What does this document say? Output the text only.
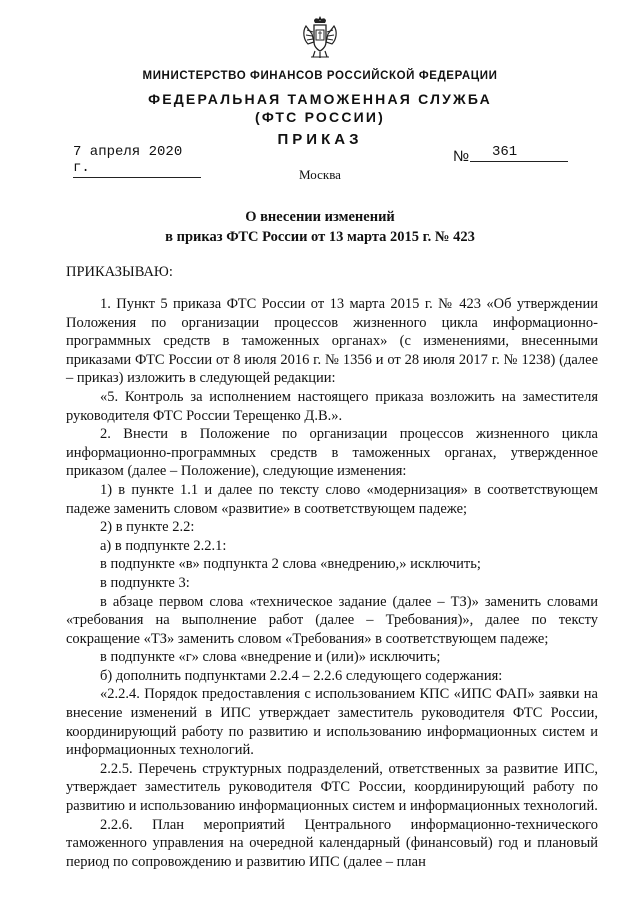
МИНИСТЕРСТВО ФИНАНСОВ РОССИЙСКОЙ ФЕДЕРАЦИИ
ФЕДЕРАЛЬНАЯ ТАМОЖЕННАЯ СЛУЖБА
(ФТС РОССИИ)
ПРИКАЗ
7 апреля 2020 г.
№	361
Москва
О внесении изменений
в приказ ФТС России от 13 марта 2015 г. № 423
ПРИКАЗЫВАЮ:

1. Пункт 5 приказа ФТС России от 13 марта 2015 г. № 423 «Об утверждении Положения по организации процессов жизненного цикла информационно-программных средств в таможенных органах» (с изменениями, внесенными приказами ФТС России от 8 июля 2016 г. № 1356 и от 28 июля 2017 г. № 1238) (далее – приказ) изложить в следующей редакции:

«5. Контроль за исполнением настоящего приказа возложить на заместителя руководителя ФТС России Терещенко Д.В.».

2. Внести в Положение по организации процессов жизненного цикла информационно-программных средств в таможенных органах, утвержденное приказом (далее – Положение), следующие изменения:

1) в пункте 1.1 и далее по тексту слово «модернизация» в соответствующем падеже заменить словом «развитие» в соответствующем падеже;

2) в пункте 2.2:

а) в подпункте 2.2.1:

в подпункте «в» подпункта 2 слова «внедрению,» исключить;

в подпункте 3:

в абзаце первом слова «техническое задание (далее – ТЗ)» заменить словами «требования на выполнение работ (далее – Требования)», далее по тексту сокращение «ТЗ» заменить словом «Требования» в соответствующем падеже;

в подпункте «г» слова «внедрение и (или)» исключить;

б) дополнить подпунктами 2.2.4 – 2.2.6 следующего содержания:

«2.2.4. Порядок предоставления с использованием КПС «ИПС ФАП» заявки на внесение изменений в ИПС утверждает заместитель руководителя ФТС России, координирующий работу по развитию и использованию информационных систем и информационных технологий.

2.2.5. Перечень структурных подразделений, ответственных за развитие ИПС, утверждает заместитель руководителя ФТС России, координирующий работу по развитию и использованию информационных систем и информационных технологий.

2.2.6. План мероприятий Центрального информационно-технического таможенного управления на очередной календарный (финансовый) год и плановый период по сопровождению и развитию ИПС (далее – план
